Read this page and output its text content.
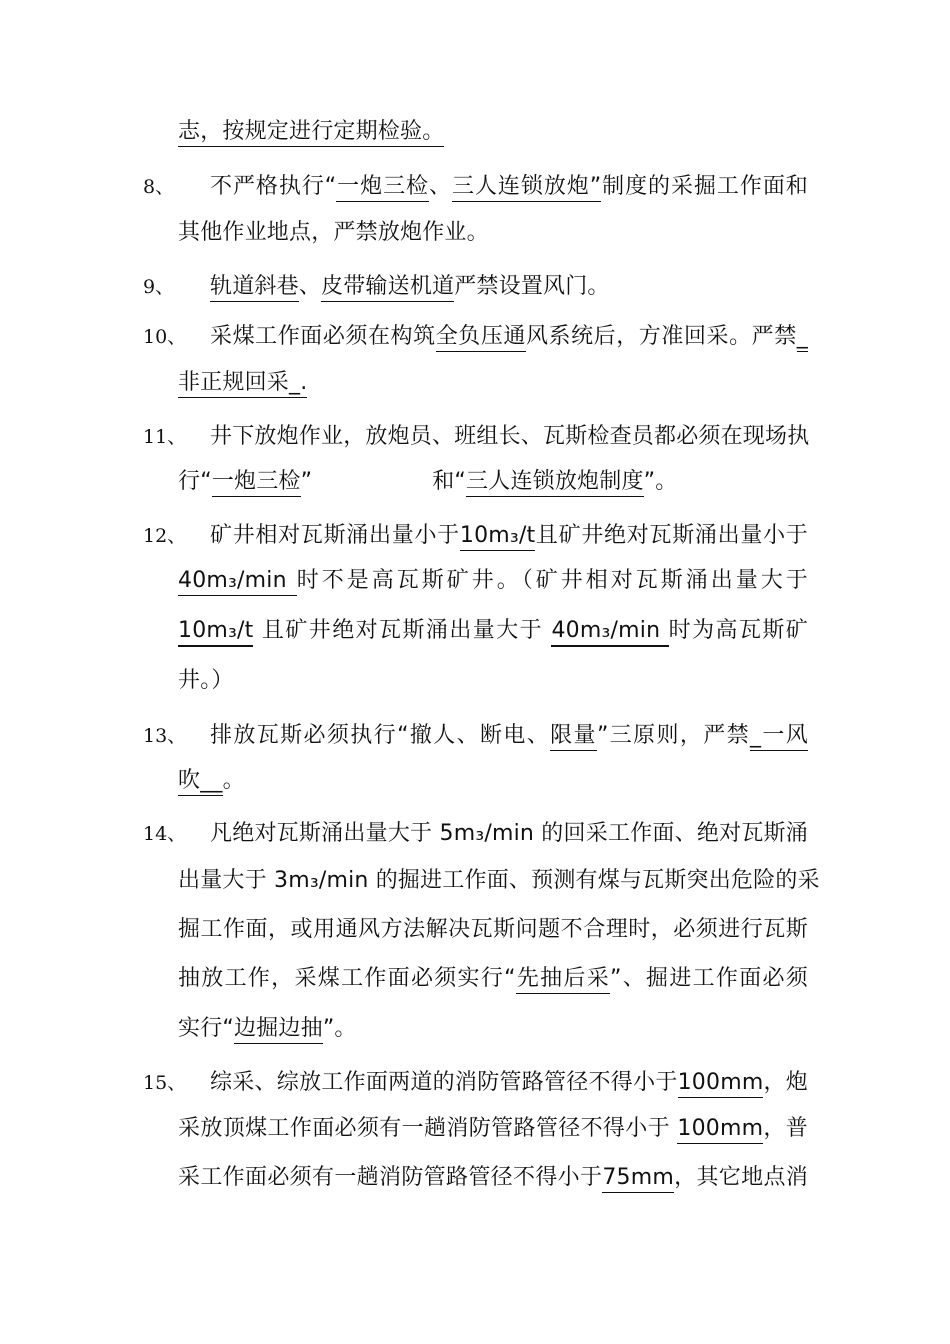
志，按规定进行定期检验。
8、 不严格执行“一炮三检、三人连锁放炮”制度的采掘工作面和
其他作业地点，严禁放炮作业。
9、 轨道斜巷、皮带输送机道严禁设置风门。
10、 采煤工作面必须在构筑全负压通风系统后，方准回采。严禁_
非正规回采_.
11、 井下放炮作业，放炮员、班组长、瓦斯检查员都必须在现场执
行“一炮三检”	和“三人连锁放炮制度”。
12、 矿井相对瓦斯涌出量小于10m₃/t且矿井绝对瓦斯涌出量小于
40m₃/min 时不是高瓦斯矿井。（矿井相对瓦斯涌出量大于
10m₃/t 且矿井绝对瓦斯涌出量大于 40m₃/min 时为高瓦斯矿
井。）
13、 排放瓦斯必须执行“撤人、断电、限量”三原则，严禁_一风
吹__。
14、 凡绝对瓦斯涌出量大于 5m₃/min 的回采工作面、绝对瓦斯涌
出量大于 3m₃/min 的掘进工作面、预测有煤与瓦斯突出危险的采
掘工作面，或用通风方法解决瓦斯问题不合理时，必须进行瓦斯
抽放工作，采煤工作面必须实行“先抽后采”、掘进工作面必须
实行“边掘边抽”。
15、 综采、综放工作面两道的消防管路管径不得小于100mm，炮
采放顶煤工作面必须有一趟消防管路管径不得小于 100mm，普
采工作面必须有一趟消防管路管径不得小于75mm，其它地点消
